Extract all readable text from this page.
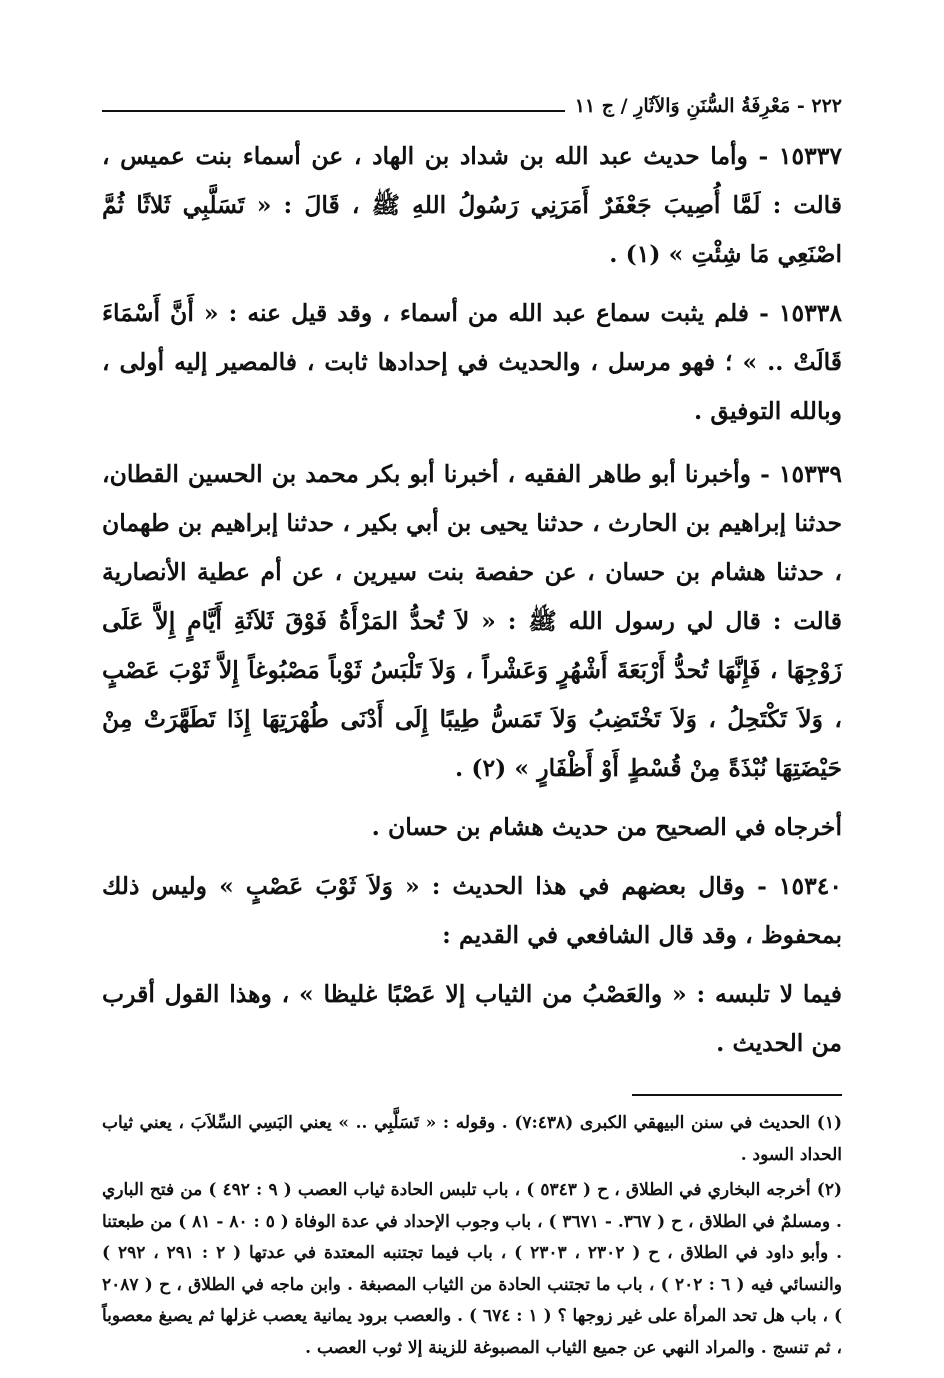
٢٢٢ - مَعْرِفَةُ السُّنَنِ وَالآثَارِ / ج ١١

١٥٣٣٧ - وأما حديث عبد الله بن شداد بن الهاد ، عن أسماء بنت عميس ، قالت : لَمَّا أُصِيبَ جَعْفَرٌ أَمَرَنِي رَسُولُ اللهِ ﷺ ، قَالَ : « تَسَلَّبِي ثَلاثًا ثُمَّ اصْنَعِي مَا شِئْتِ » (١) .

١٥٣٣٨ - فلم يثبت سماع عبد الله من أسماء ، وقد قيل عنه : « أَنَّ أَسْمَاءَ قَالَتْ .. » ؛ فهو مرسل ، والحديث في إحدادها ثابت ، فالمصير إليه أولى ، وبالله التوفيق .

١٥٣٣٩ - وأخبرنا أبو طاهر الفقيه ، أخبرنا أبو بكر محمد بن الحسين القطان، حدثنا إبراهيم بن الحارث ، حدثنا يحيى بن أبي بكير ، حدثنا إبراهيم بن طهمان ، حدثنا هشام بن حسان ، عن حفصة بنت سيرين ، عن أم عطية الأنصارية قالت : قال لي رسول الله ﷺ : « لاَ تُحدُّ المَرْأَةُ فَوْقَ ثَلاَثَةِ أَيَّامٍ إِلاَّ عَلَى زَوْجِهَا ، فَإِنَّهَا تُحدُّ أَرْبَعَةَ أَشْهُرٍ وَعَشْراً ، وَلاَ تَلْبَسُ ثَوْباً مَصْبُوغاً إِلاَّ ثَوْبَ عَصْبٍ ، وَلاَ تَكْتَحِلُ ، وَلاَ تَخْتَضِبُ وَلاَ تَمَسُّ طِيبًا إِلَى أَدْنَى طُهْرَتِهَا إِذَا تَطَهَّرَتْ مِنْ حَيْضَتِهَا نُبْذَةً مِنْ قُسْطٍ أَوْ أَظْفَارٍ » (٢) .

أخرجاه في الصحيح من حديث هشام بن حسان .

١٥٣٤٠ - وقال بعضهم في هذا الحديث : « وَلاَ ثَوْبَ عَصْبٍ » وليس ذلك بمحفوظ ، وقد قال الشافعي في القديم :

فيما لا تلبسه : « والعَصْبُ من الثياب إلا عَصْبًا غليظا » ، وهذا القول أقرب من الحديث .

(١) الحديث في سنن البيهقي الكبرى (٧:٤٣٨) . وقوله : « تَسَلَّبِي .. » يعني البَسِي السِّلاَبَ ، يعني ثياب الحداد السود .

(٢) أخرجه البخاري في الطلاق ، ح ( ٥٣٤٣ ) ، باب تلبس الحادة ثياب العصب ( ٩ : ٤٩٢ ) من فتح الباري . ومسلمٌ في الطلاق ، ح ( ٣٦٧. - ٣٦٧١ ) ، باب وجوب الإحداد في عدة الوفاة ( ٥ : ٨٠ - ٨١ ) من طبعتنا . وأبو داود في الطلاق ، ح ( ٢٣٠٢ ، ٢٣٠٣ ) ، باب فيما تجتنبه المعتدة في عدتها ( ٢ : ٢٩١ ، ٢٩٢ ) والنسائي فيه ( ٦ : ٢٠٢ ) ، باب ما تجتنب الحادة من الثياب المصبغة . وابن ماجه في الطلاق ، ح ( ٢٠٨٧ ) ، باب هل تحد المرأة على غير زوجها ؟ ( ١ : ٦٧٤ ) . والعصب برود يمانية يعصب غزلها ثم يصبغ معصوباً ، ثم تنسج . والمراد النهي عن جميع الثياب المصبوغة للزينة إلا ثوب العصب .
